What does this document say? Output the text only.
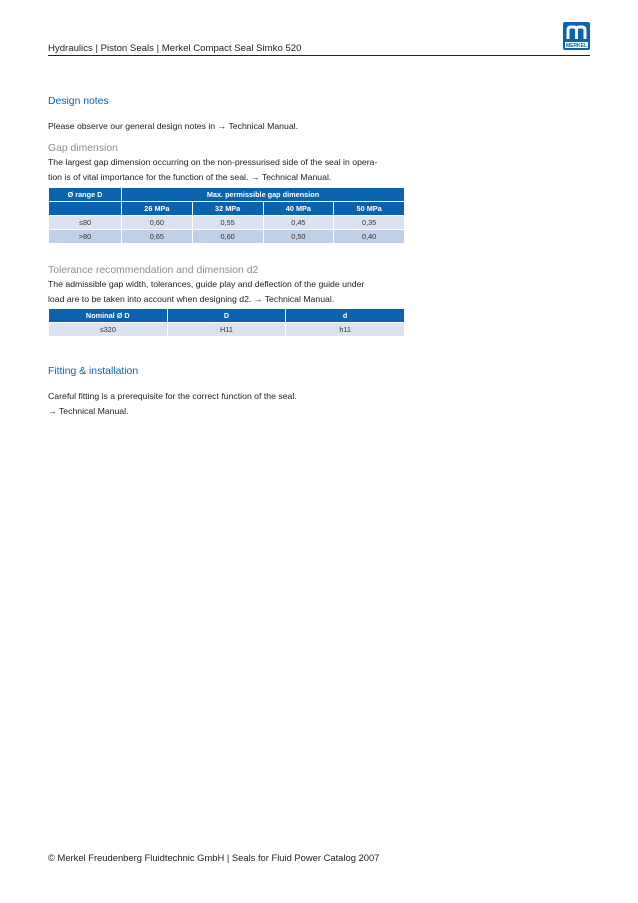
Hydraulics | Piston Seals | Merkel Compact Seal Simko 520	MERKEL
Design notes
Please observe our general design notes in → Technical Manual.
Gap dimension
The largest gap dimension occurring on the non-pressurised side of the seal in opera-
tion is of vital importance for the function of the seal. → Technical Manual.
Ø range D	Max. permissible gap dimension			
	26 MPa	32 MPa	40 MPa	50 MPa
≤80	0,60	0,55	0,45	0,35
>80	0,65	0,60	0,50	0,40
Tolerance recommendation and dimension d2
The admissible gap width, tolerances, guide play and deflection of the guide under
load are to be taken into account when designing d2. → Technical Manual.
Nominal Ø D	D	d
≤320	H11	h11
Fitting & installation
Careful fitting is a prerequisite for the correct function of the seal.
→ Technical Manual.
© Merkel Freudenberg Fluidtechnic GmbH | Seals for Fluid Power Catalog 2007
